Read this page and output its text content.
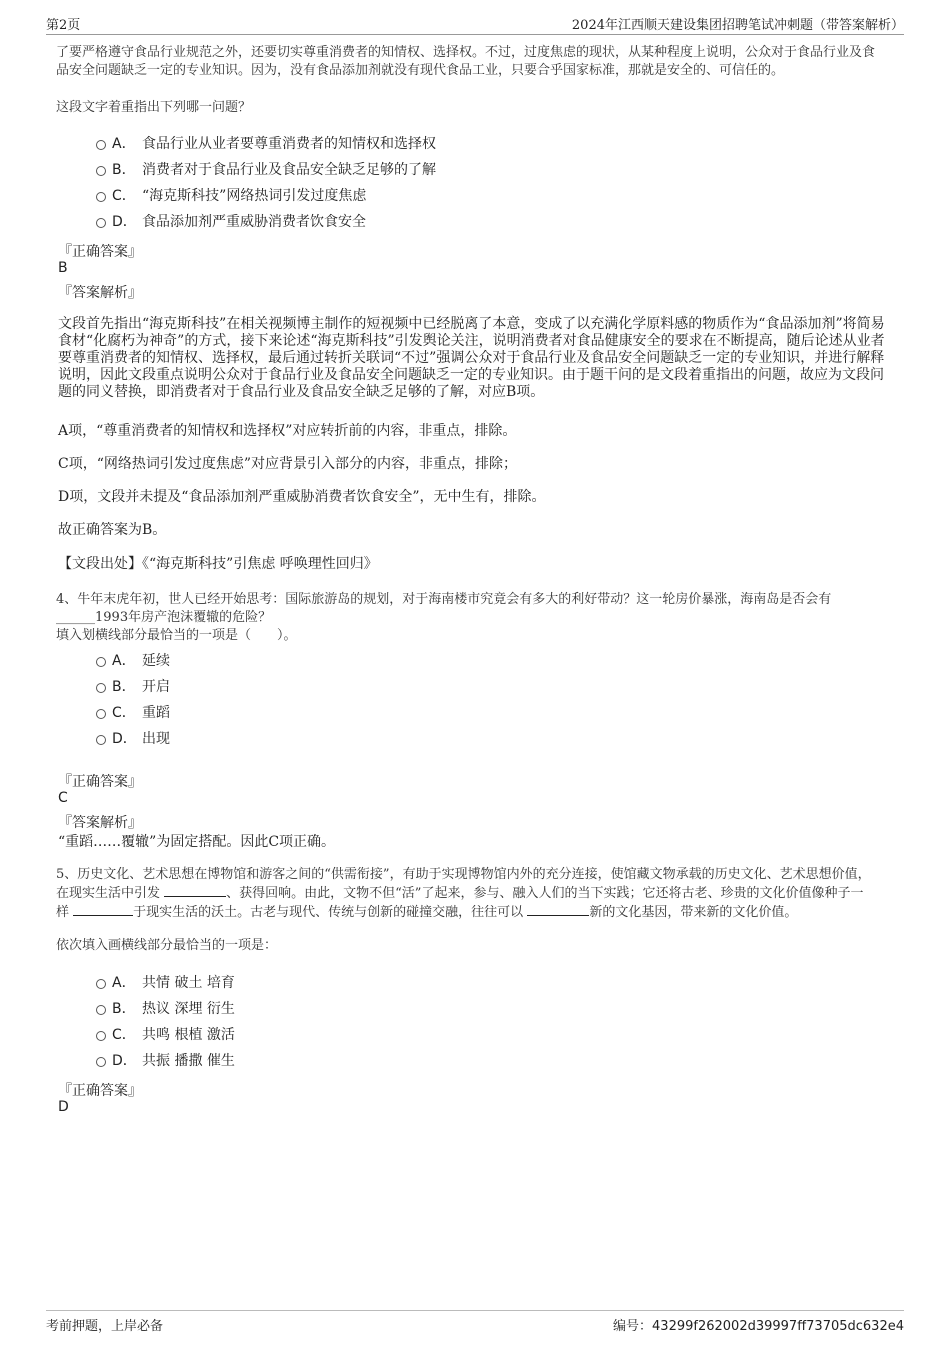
第2页	2024年江西顺天建设集团招聘笔试冲刺题（带答案解析）
了要严格遵守食品行业规范之外，还要切实尊重消费者的知情权、选择权。不过，过度焦虑的现状，从某种程度上说明，公众对于食品行业及食品安全问题缺乏一定的专业知识。因为，没有食品添加剂就没有现代食品工业，只要合乎国家标准，那就是安全的、可信任的。
这段文字着重指出下列哪一问题？
A． 食品行业从业者要尊重消费者的知情权和选择权
B． 消费者对于食品行业及食品安全缺乏足够的了解
C． “海克斯科技”网络热词引发过度焦虑
D． 食品添加剂严重威胁消费者饮食安全
『正确答案』
B
『答案解析』
文段首先指出“海克斯科技”在相关视频博主制作的短视频中已经脱离了本意，变成了以充满化学原料感的物质作为“食品添加剂”将简易食材“化腐朽为神奇”的方式，接下来论述“海克斯科技”引发舆论关注，说明消费者对食品健康安全的要求在不断提高，随后论述从业者要尊重消费者的知情权、选择权，最后通过转折关联词“不过”强调公众对于食品行业及食品安全问题缺乏一定的专业知识，并进行解释说明，因此文段重点说明公众对于食品行业及食品安全问题缺乏一定的专业知识。由于题干问的是文段着重指出的问题，故应为文段问题的同义替换，即消费者对于食品行业及食品安全缺乏足够的了解，对应B项。
A项，“尊重消费者的知情权和选择权”对应转折前的内容，非重点，排除。
C项，“网络热词引发过度焦虑”对应背景引入部分的内容，非重点，排除；
D项，文段并未提及“食品添加剂严重威胁消费者饮食安全”，无中生有，排除。
故正确答案为B。
【文段出处】《“海克斯科技”引焦虑 呼唤理性回归》
4、牛年末虎年初，世人已经开始思考：国际旅游岛的规划，对于海南楼市究竟会有多大的利好带动？这一轮房价暴涨，海南岛是否会有
______1993年房产泡沫覆辙的危险？
填入划横线部分最恰当的一项是（　　）。
A． 延续
B． 开启
C． 重蹈
D． 出现
『正确答案』
C
『答案解析』
“重蹈……覆辙”为固定搭配。因此C项正确。
5、历史文化、艺术思想在博物馆和游客之间的“供需衔接”，有助于实现博物馆内外的充分连接，使馆藏文物承载的历史文化、艺术思想价值，
在现实生活中引发	、获得回响。由此，文物不但“活”了起来，参与、融入人们的当下实践；它还将古老、珍贵的文化价值像种子一
样	于现实生活的沃土。古老与现代、传统与创新的碰撞交融，往往可以	新的文化基因，带来新的文化价值。
依次填入画横线部分最恰当的一项是：
A． 共情 破土 培育
B． 热议 深埋 衍生
C． 共鸣 根植 激活
D． 共振 播撒 催生
『正确答案』
D
考前押题，上岸必备	编号：43299f262002d39997ff73705dc632e4
